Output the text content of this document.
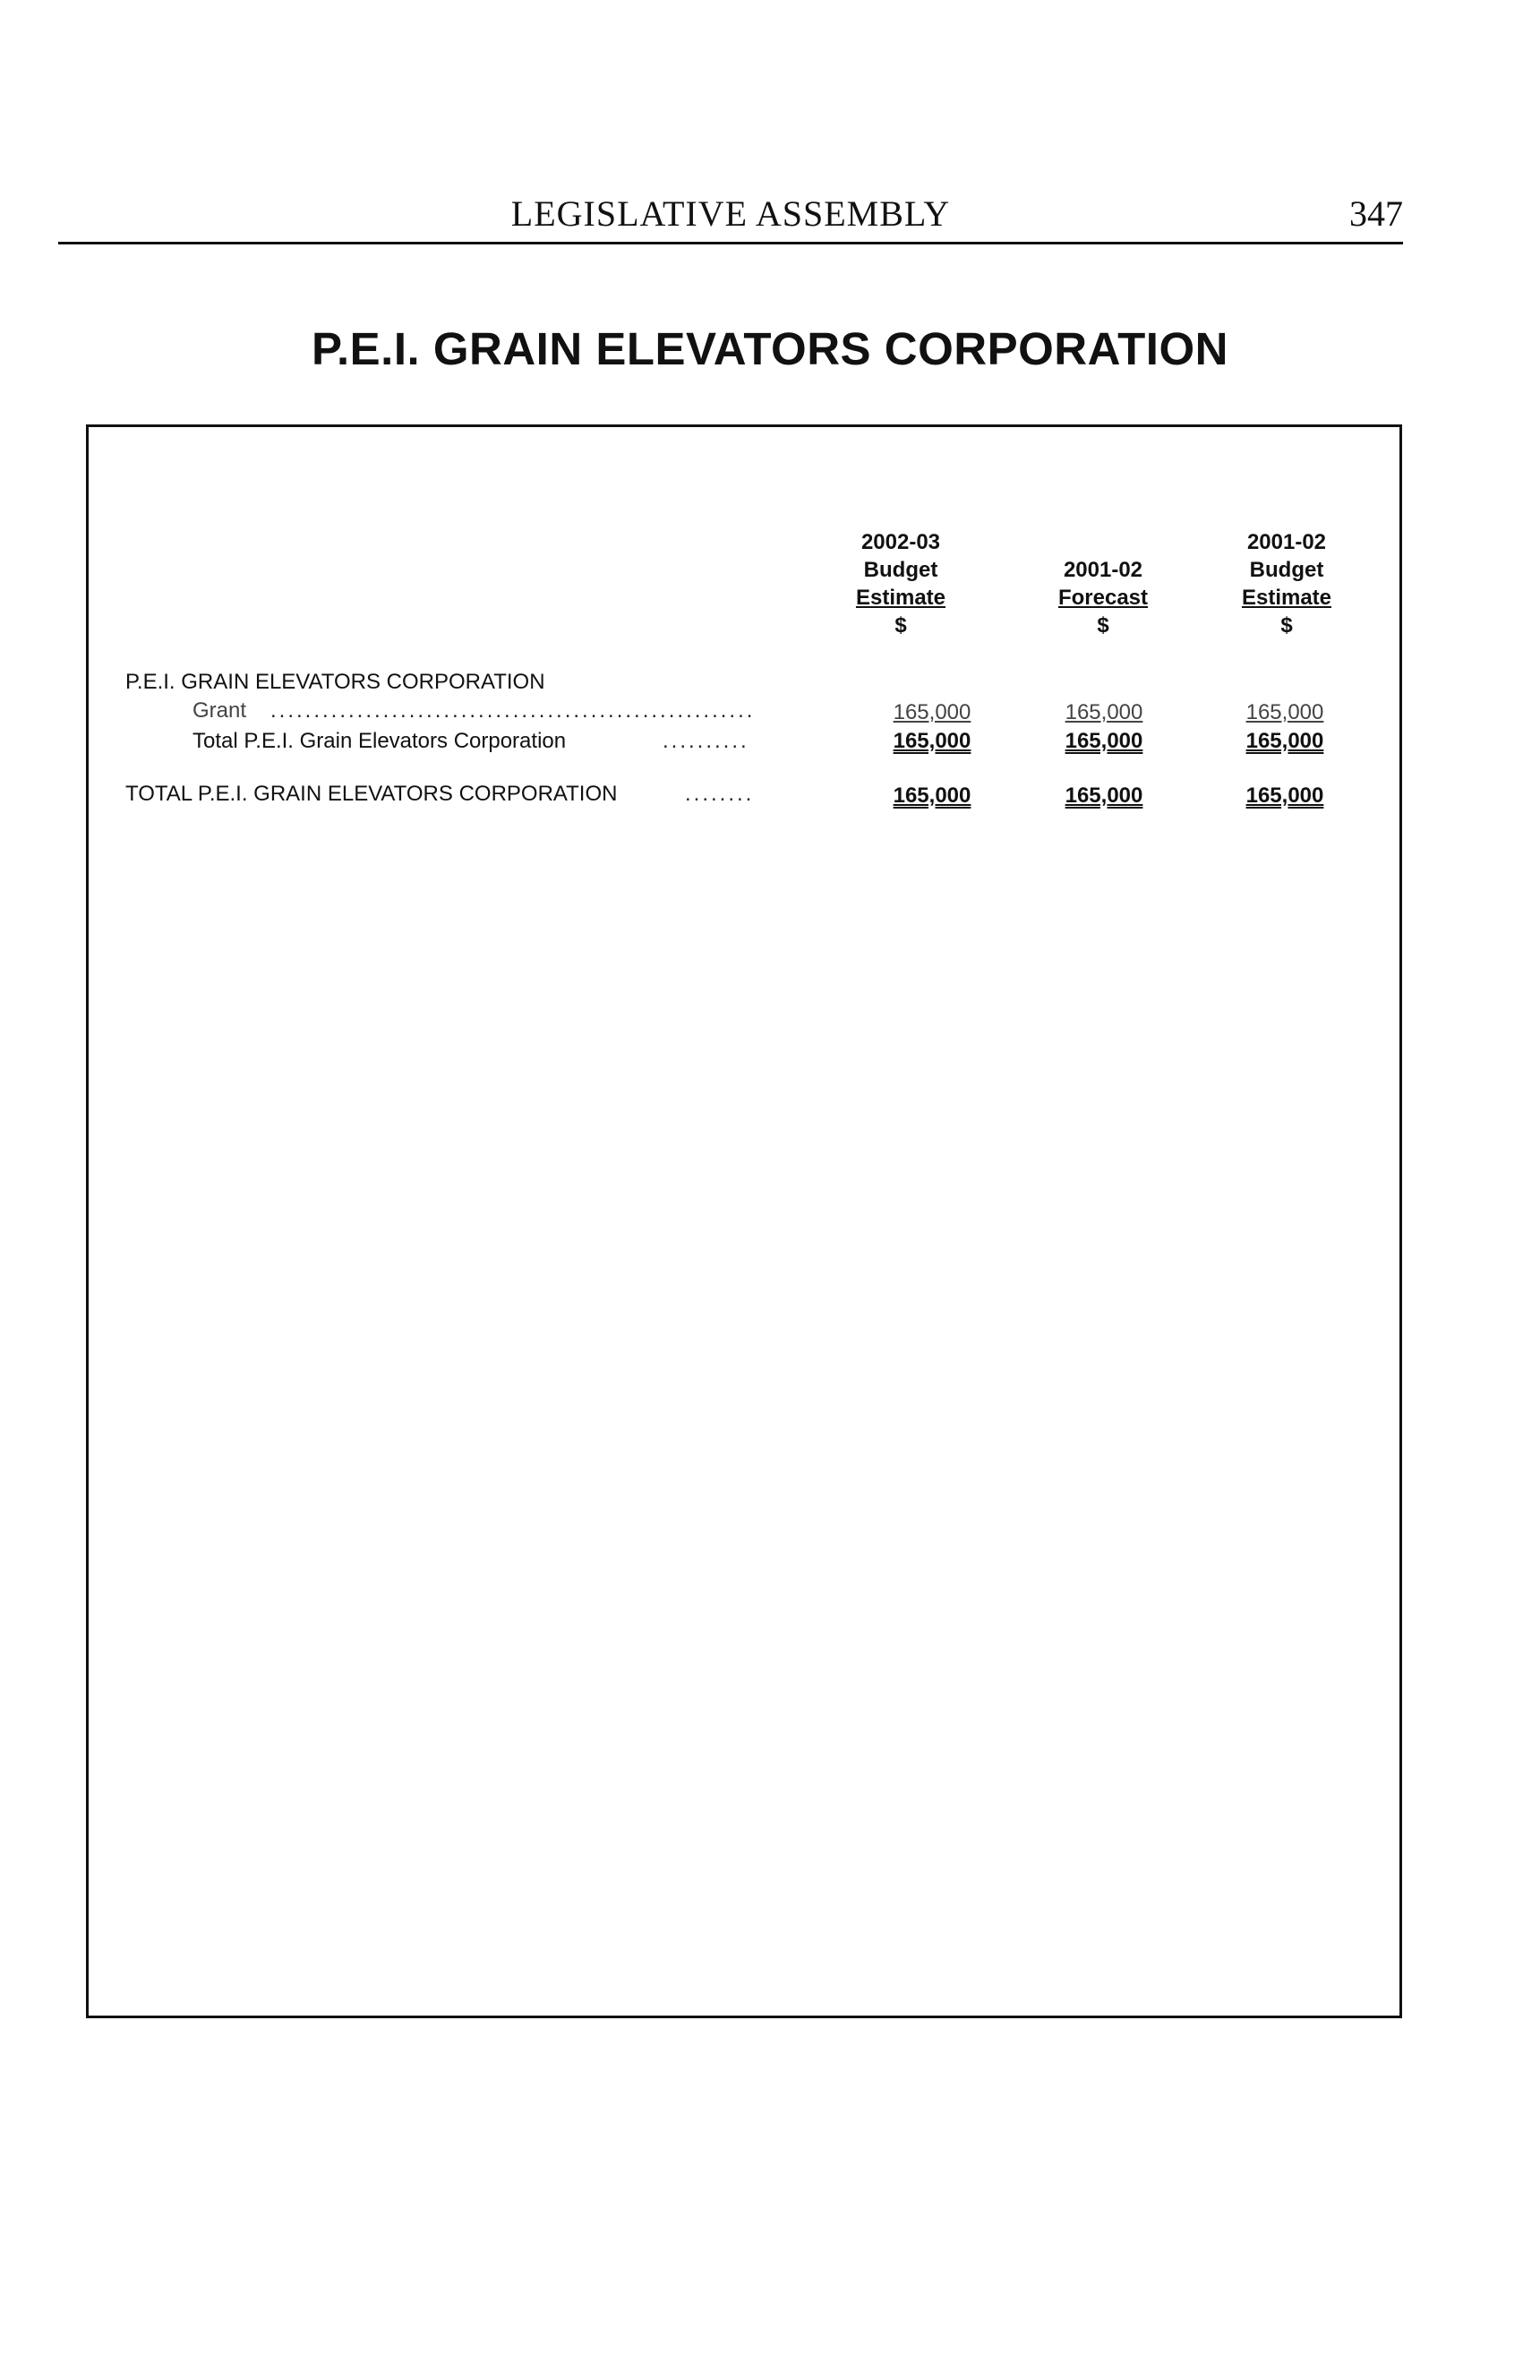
LEGISLATIVE ASSEMBLY	347
P.E.I. GRAIN ELEVATORS CORPORATION
2002-03
Budget
Estimate
$
2001-02
Forecast
$
2001-02
Budget
Estimate
$
P.E.I. GRAIN ELEVATORS CORPORATION
Grant ........................................................	165,000	165,000	165,000
Total P.E.I. Grain Elevators Corporation	..........	165,000	165,000	165,000
TOTAL P.E.I. GRAIN ELEVATORS CORPORATION	........	165,000	165,000	165,000
